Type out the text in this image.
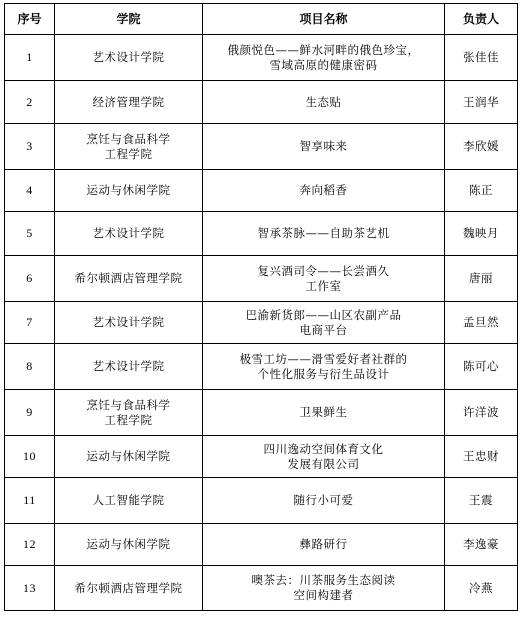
序号	学院	项目名称	负责人

1	艺术设计学院	俄颜悦色——鲜水河畔的俄色珍宝，
雪域高原的健康密码	张佳佳

2	经济管理学院	生态贴	王润华

3	烹饪与食品科学
工程学院	智享味来	李欣媛

4	运动与休闲学院	奔向稻香	陈正

5	艺术设计学院	智承茶脉——自助茶艺机	魏映月

6	希尔顿酒店管理学院	复兴酒司令——长尝酒久
工作室	唐丽

7	艺术设计学院	巴渝新货郎——山区农副产品
电商平台	孟旦然

8	艺术设计学院	极雪工坊——滑雪爱好者社群的
个性化服务与衍生品设计	陈可心

9	烹饪与食品科学
工程学院	卫果鲜生	许洋波

10	运动与休闲学院	四川逸动空间体育文化
发展有限公司	王忠财

11	人工智能学院	随行小可爱	王震

12	运动与休闲学院	彝路研行	李逸豪

13	希尔顿酒店管理学院	噢茶去：川茶服务生态阅读
空间构建者	冷燕
